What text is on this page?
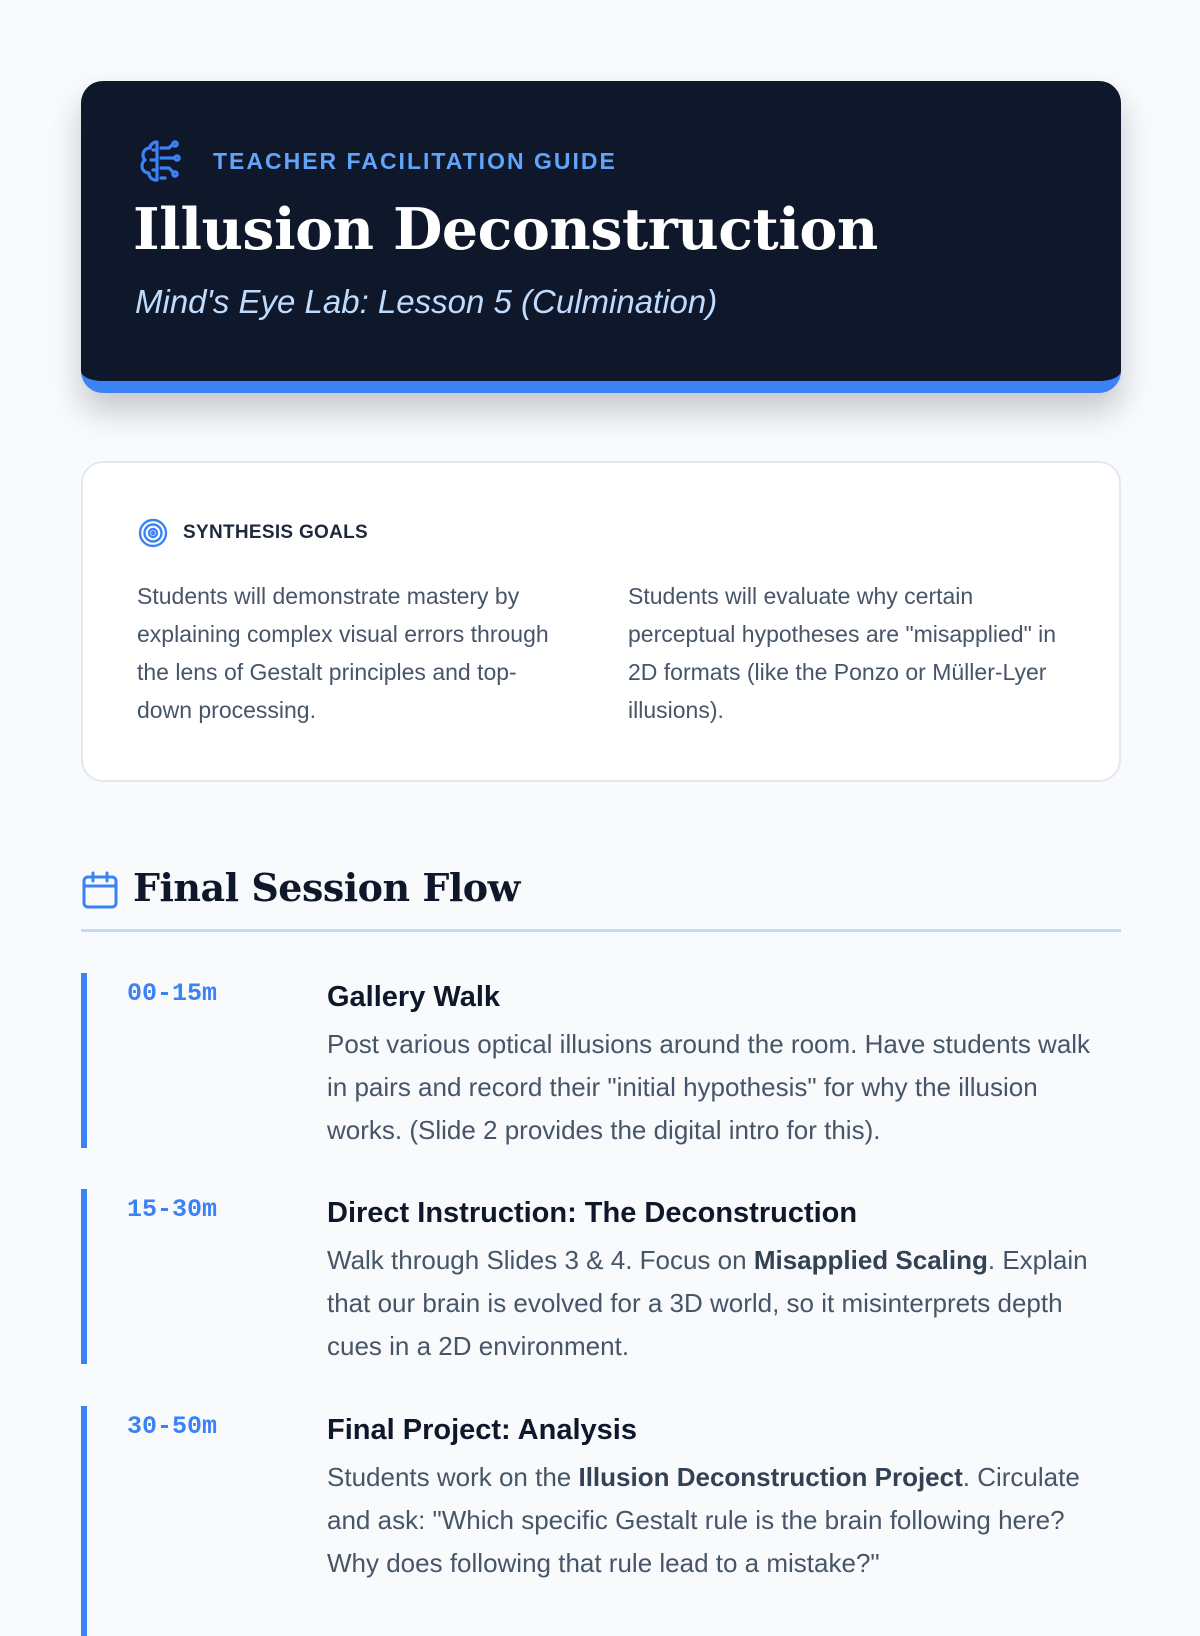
TEACHER FACILITATION GUIDE
Illusion Deconstruction

Mind's Eye Lab: Lesson 5 (Culmination)

SYNTHESIS GOALS

Students will demonstrate mastery by explaining complex visual errors through the lens of Gestalt principles and top-down processing.

Students will evaluate why certain perceptual hypotheses are "misapplied" in 2D formats (like the Ponzo or Müller-Lyer illusions).

Final Session Flow
00-15m	Gallery Walk

Post various optical illusions around the room. Have students walk in pairs and record their "initial hypothesis" for why the illusion works. (Slide 2 provides the digital intro for this).

15-30m	Direct Instruction: The Deconstruction

Walk through Slides 3 & 4. Focus on Misapplied Scaling. Explain that our brain is evolved for a 3D world, so it misinterprets depth cues in a 2D environment.

30-50m	Final Project: Analysis

Students work on the Illusion Deconstruction Project. Circulate and ask: "Which specific Gestalt rule is the brain following here? Why does following that rule lead to a mistake?"
